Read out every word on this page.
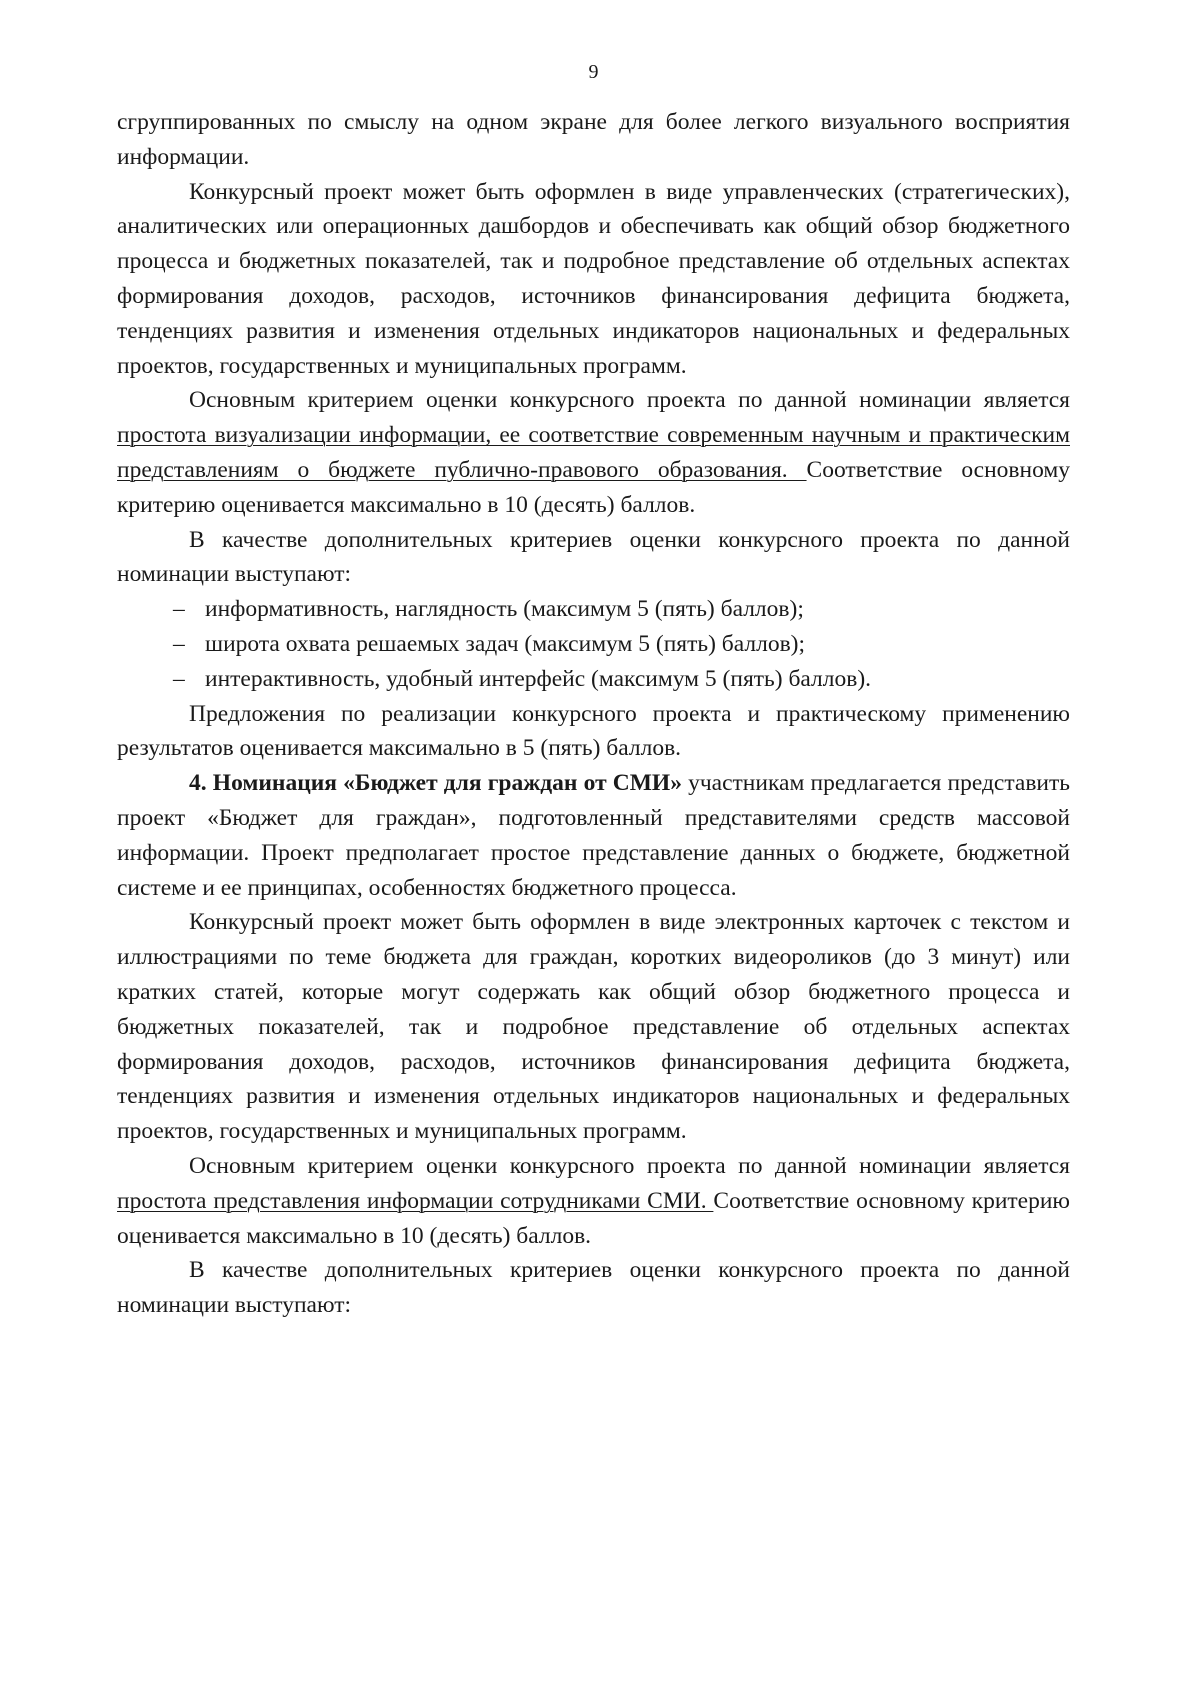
9

сгруппированных по смыслу на одном экране для более легкого визуального восприятия информации.

Конкурсный проект может быть оформлен в виде управленческих (стратегических), аналитических или операционных дашбордов и обеспечивать как общий обзор бюджетного процесса и бюджетных показателей, так и подробное представление об отдельных аспектах формирования доходов, расходов, источников финансирования дефицита бюджета, тенденциях развития и изменения отдельных индикаторов национальных и федеральных проектов, государственных и муниципальных программ.

Основным критерием оценки конкурсного проекта по данной номинации является простота визуализации информации, ее соответствие современным научным и практическим представлениям о бюджете публично-правового образования. Соответствие основному критерию оценивается максимально в 10 (десять) баллов.

В качестве дополнительных критериев оценки конкурсного проекта по данной номинации выступают:

– информативность, наглядность (максимум 5 (пять) баллов);
– широта охвата решаемых задач (максимум 5 (пять) баллов);
– интерактивность, удобный интерфейс (максимум 5 (пять) баллов).

Предложения по реализации конкурсного проекта и практическому применению результатов оценивается максимально в 5 (пять) баллов.

4. Номинация «Бюджет для граждан от СМИ» участникам предлагается представить проект «Бюджет для граждан», подготовленный представителями средств массовой информации. Проект предполагает простое представление данных о бюджете, бюджетной системе и ее принципах, особенностях бюджетного процесса.

Конкурсный проект может быть оформлен в виде электронных карточек с текстом и иллюстрациями по теме бюджета для граждан, коротких видеороликов (до 3 минут) или кратких статей, которые могут содержать как общий обзор бюджетного процесса и бюджетных показателей, так и подробное представление об отдельных аспектах формирования доходов, расходов, источников финансирования дефицита бюджета, тенденциях развития и изменения отдельных индикаторов национальных и федеральных проектов, государственных и муниципальных программ.

Основным критерием оценки конкурсного проекта по данной номинации является простота представления информации сотрудниками СМИ. Соответствие основному критерию оценивается максимально в 10 (десять) баллов.

В качестве дополнительных критериев оценки конкурсного проекта по данной номинации выступают:
